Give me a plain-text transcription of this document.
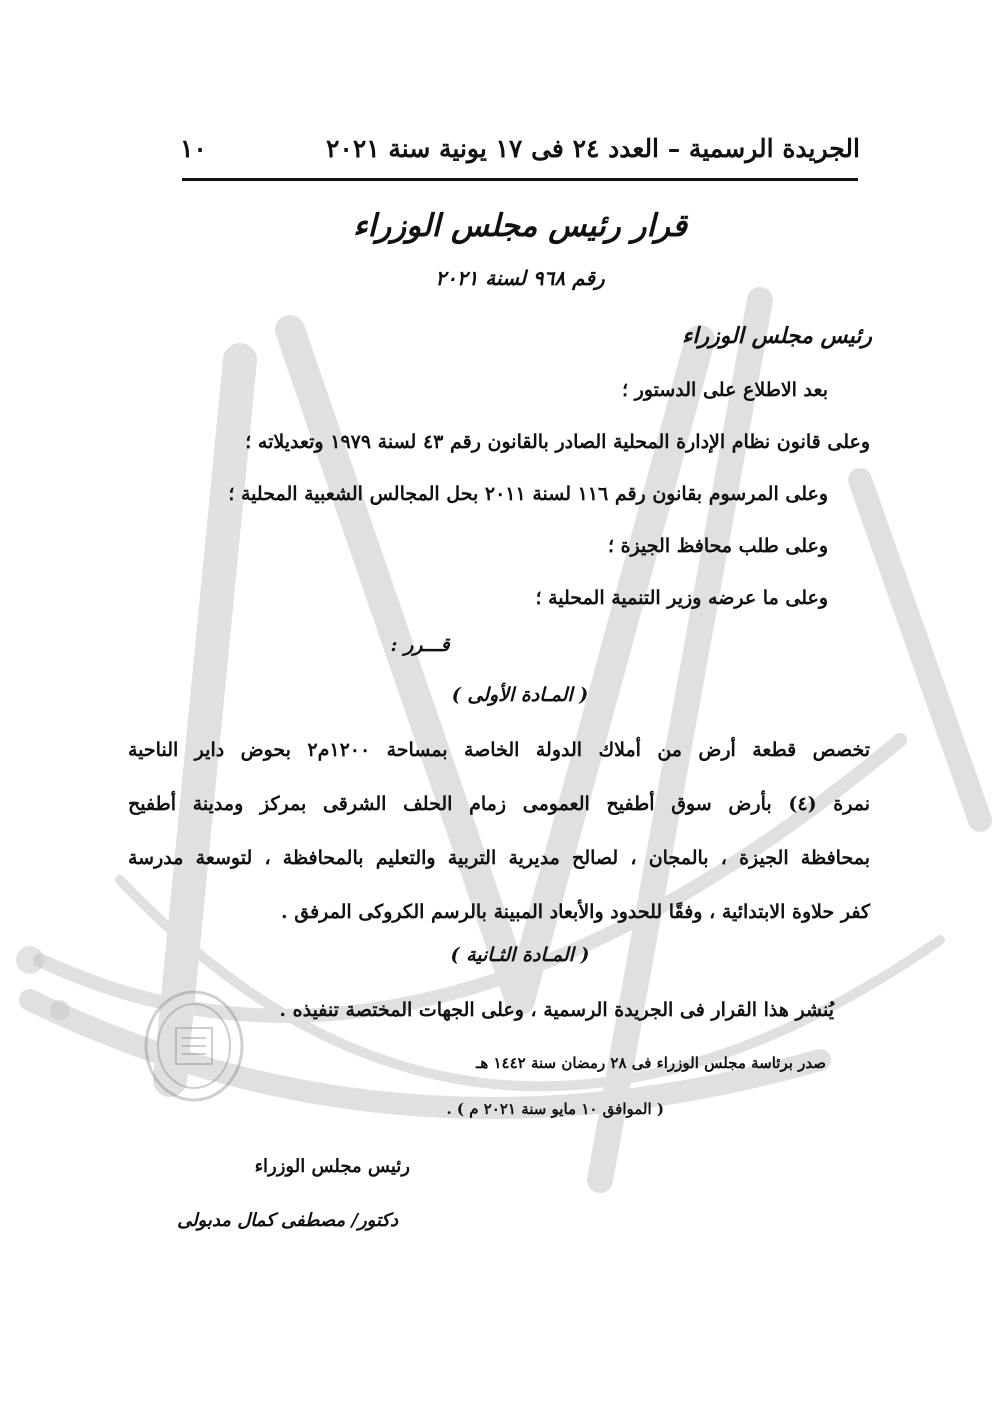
الجريدة الرسمية – العدد ٢٤ فى ١٧ يونية سنة ٢٠٢١
١٠
قرار رئيس مجلس الوزراء
رقم ٩٦٨ لسنة ٢٠٢١
رئيس مجلس الوزراء
بعد الاطلاع على الدستور ؛
وعلى قانون نظام الإدارة المحلية الصادر بالقانون رقم ٤٣ لسنة ١٩٧٩ وتعديلاته ؛
وعلى المرسوم بقانون رقم ١١٦ لسنة ٢٠١١ بحل المجالس الشعبية المحلية ؛
وعلى طلب محافظ الجيزة ؛
وعلى ما عرضه وزير التنمية المحلية ؛
قـــرر :
( المـادة الأولى )
تخصص قطعة أرض من أملاك الدولة الخاصة بمساحة ١٢٠٠م٢ بحوض داير الناحية
نمرة (٤) بأرض سوق أطفيح العمومى زمام الحلف الشرقى بمركز ومدينة أطفيح
بمحافظة الجيزة ، بالمجان ، لصالح مديرية التربية والتعليم بالمحافظة ، لتوسعة مدرسة
كفر حلاوة الابتدائية ، وفقًا للحدود والأبعاد المبينة بالرسم الكروكى المرفق .
( المـادة الثـانية )
يُنشر هذا القرار فى الجريدة الرسمية ، وعلى الجهات المختصة تنفيذه .
صدر برئاسة مجلس الوزراء فى ٢٨ رمضان سنة ١٤٤٢ هـ
( الموافق ١٠ مايو سنة ٢٠٢١ م ) .
رئيس مجلس الوزراء
دكتور/ مصطفى كمال مدبولى
